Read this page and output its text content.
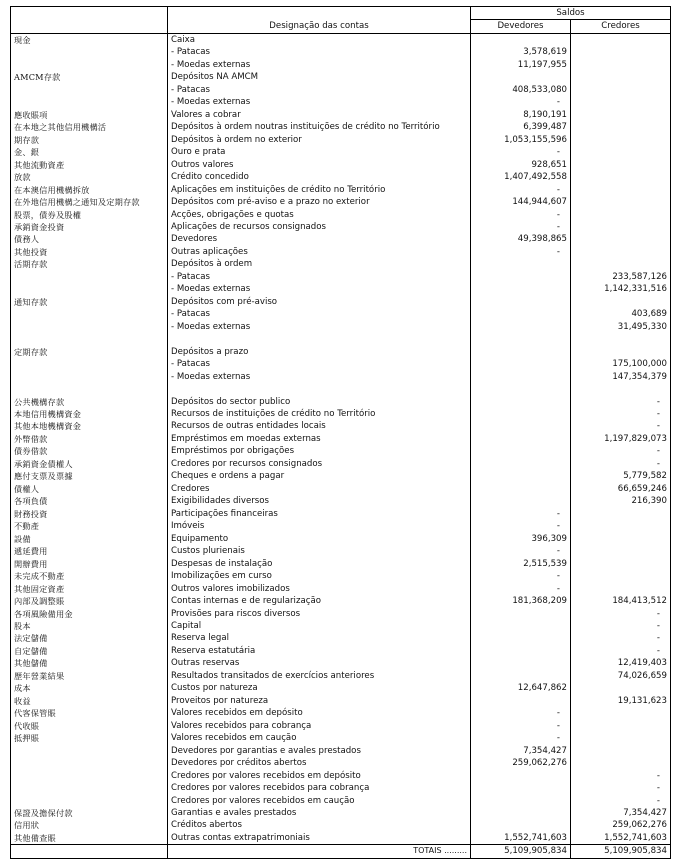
		Saldos	
	Designação das contas	Devedores	Credores
現金	Caixa		
	- Patacas	3,578,619	
	- Moedas externas	11,197,955	
AMCM存款	Depósitos NA AMCM		
	- Patacas	408,533,080	
	- Moedas externas	-	
應收賬項	Valores a cobrar	8,190,191	
在本地之其他信用機構活	Depósitos à ordem noutras instituições de crédito no Território	6,399,487	
期存款	Depósitos à ordem no exterior	1,053,155,596	
金、銀	Ouro e prata	-	
其他流動資產	Outros valores	928,651	
放款	Crédito concedido	1,407,492,558	
在本澳信用機構拆放	Aplicações em instituições de crédito no Território	-	
在外地信用機構之通知及定期存款	Depósitos com pré-aviso e a prazo no exterior	144,944,607	
股票，債券及股權	Acções, obrigações e quotas	-	
承銷資金投資	Aplicações de recursos consignados	-	
債務人	Devedores	49,398,865	
其他投資	Outras aplicações	-	
活期存款	Depósitos à ordem		
	- Patacas		233,587,126
	- Moedas externas		1,142,331,516
通知存款	Depósitos com pré-aviso		
	- Patacas		403,689
	- Moedas externas		31,495,330

定期存款	Depósitos a prazo		
	- Patacas		175,100,000
	- Moedas externas		147,354,379

公共機構存款	Depósitos do sector publico		-
本地信用機構資金	Recursos de instituições de crédito no Território		-
其他本地機構資金	Recursos de outras entidades locais		-
外幣借款	Empréstimos em moedas externas		1,197,829,073
債券借款	Empréstimos por obrigações		-
承銷資金債權人	Credores por recursos consignados		-
應付支票及票據	Cheques e ordens a pagar		5,779,582
債權人	Credores		66,659,246
各項負債	Exigibilidades diversos		216,390
財務投資	Participações financeiras	-	
不動產	Imóveis	-	
設備	Equipamento	396,309	
遞延費用	Custos plurienais	-	
開辦費用	Despesas de instalação	2,515,539	
未完成不動產	Imobilizações em curso	-	
其他固定資產	Outros valores imobilizados	-	
內部及調整賬	Contas internas e de regularização	181,368,209	184,413,512
各項風險備用金	Provisões para riscos diversos		-
股本	Capital		-
法定儲備	Reserva legal		-
自定儲備	Reserva estatutária		-
其他儲備	Outras reservas		12,419,403
歷年營業結果	Resultados transitados de exercícios anteriores		74,026,659
成本	Custos por natureza	12,647,862	
收益	Proveitos por natureza		19,131,623
代客保管賬	Valores recebidos em depósito	-	
代收賬	Valores recebidos para cobrança	-	
抵押賬	Valores recebidos em caução	-	
	Devedores por garantias e avales prestados	7,354,427	
	Devedores por créditos abertos	259,062,276	
	Credores por valores recebidos em depósito		-
	Credores por valores recebidos para cobrança		-
	Credores por valores recebidos em caução		-
保證及擔保付款	Garantias e avales prestados		7,354,427
信用狀	Créditos abertos		259,062,276
其他備查賬	Outras contas extrapatrimoniais	1,552,741,603	1,552,741,603
	TOTAIS .........	5,109,905,834	5,109,905,834
